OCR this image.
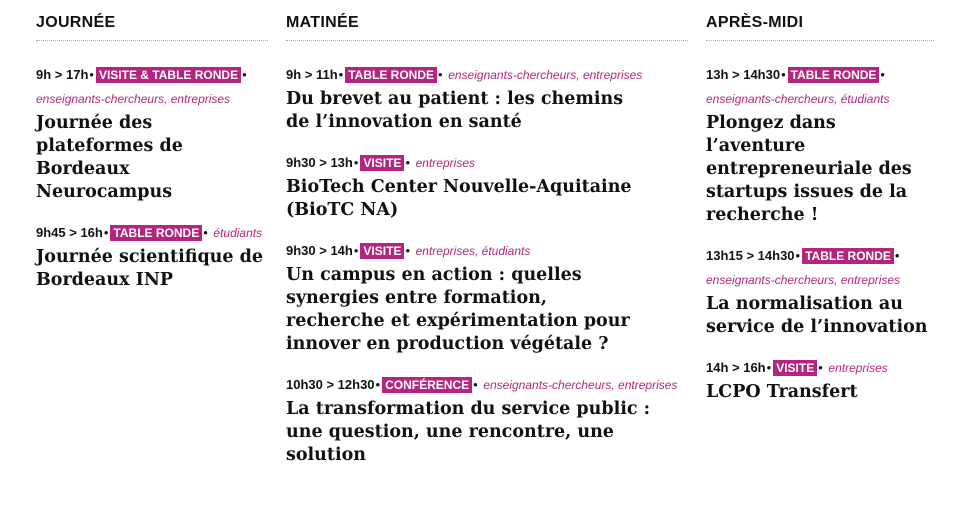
JOURNÉE
9h > 17h• VISITE & TABLE RONDE • enseignants-chercheurs, entreprises
Journée des plateformes de Bordeaux Neurocampus
9h45 > 16h• TABLE RONDE • étudiants
Journée scientifique de Bordeaux INP
MATINÉE
9h > 11h• TABLE RONDE • enseignants-chercheurs, entreprises
Du brevet au patient : les chemins de l’innovation en santé
9h30 > 13h• VISITE • entreprises
BioTech Center Nouvelle-Aquitaine (BioTC NA)
9h30 > 14h• VISITE • entreprises, étudiants
Un campus en action : quelles synergies entre formation, recherche et expérimentation pour innover en production végétale ?
10h30 > 12h30• CONFÉRENCE • enseignants-chercheurs, entreprises
La transformation du service public : une question, une rencontre, une solution
APRÈS-MIDI
13h > 14h30• TABLE RONDE • enseignants-chercheurs, étudiants
Plongez dans l’aventure entrepreneuriale des startups issues de la recherche !
13h15 > 14h30• TABLE RONDE • enseignants-chercheurs, entreprises
La normalisation au service de l’innovation
14h > 16h• VISITE • entreprises
LCPO Transfert
